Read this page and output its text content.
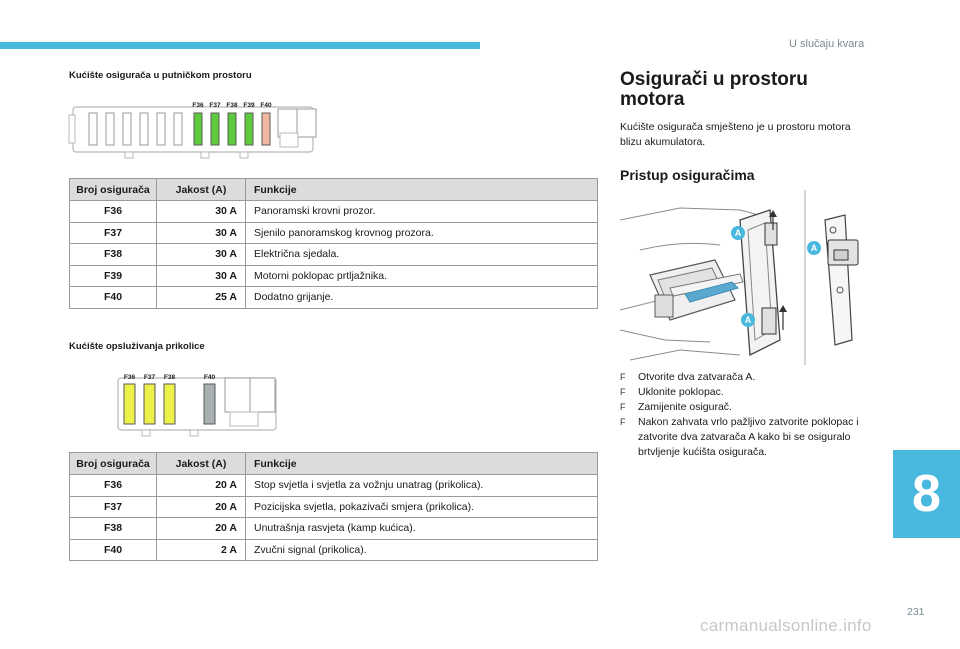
U slučaju kvara
Kućište osigurača u putničkom prostoru
F36 F37 F38 F39 F40
Broj osigurača	Jakost (A)	Funkcije
F36	30 A	Panoramski krovni prozor.
F37	30 A	Sjenilo panoramskog krovnog prozora.
F38	30 A	Električna sjedala.
F39	30 A	Motorni poklopac prtljažnika.
F40	25 A	Dodatno grijanje.
Kućište opsluživanja prikolice
F36 F37 F38	F40
Broj osigurača	Jakost (A)	Funkcije
F36	20 A	Stop svjetla i svjetla za vožnju unatrag (prikolica).
F37	20 A	Pozicijska svjetla, pokazivači smjera (prikolica).
F38	20 A	Unutrašnja rasvjeta (kamp kućica).
F40	2 A	Zvučni signal (prikolica).
Osigurači u prostoru motora
Kućište osigurača smješteno je u prostoru motora blizu akumulatora.
Pristup osiguračima
A
A
A
F Otvorite dva zatvarača A.
F Uklonite poklopac.
F Zamijenite osigurač.
F Nakon zahvata vrlo pažljivo zatvorite poklopac i zatvorite dva zatvarača A kako bi se osiguralo brtvljenje kućišta osigurača.
8
231
carmanualsonline.info
